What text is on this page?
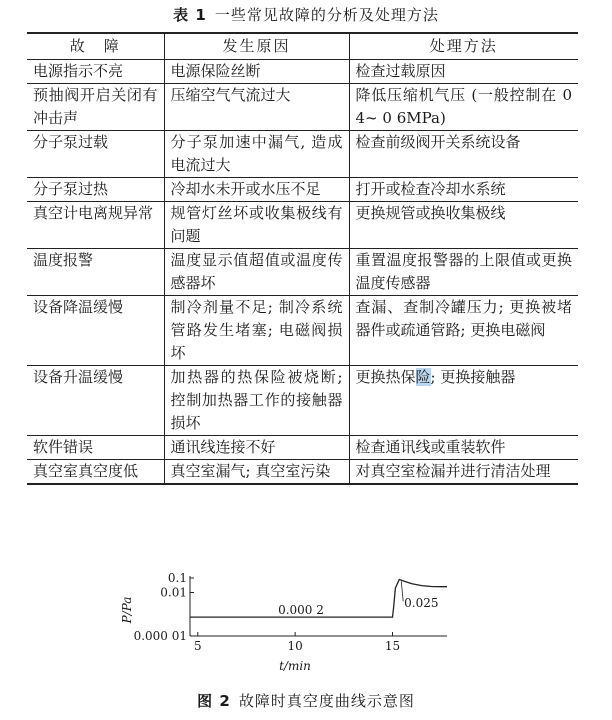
表 1 一些常见故障的分析及处理方法
故　障	发生原因	处理方法
电源指示不亮	电源保险丝断	检查过载原因
预抽阀开启关闭有冲击声	压缩空气气流过大	降低压缩机气压 (一般控制在 0 4~ 0 6MPa)
分子泵过载	分子泵加速中漏气, 造成电流过大	检查前级阀开关系统设备
分子泵过热	冷却水未开或水压不足	打开或检查冷却水系统
真空计电离规异常	规管灯丝坏或收集极线有问题	更换规管或换收集极线
温度报警	温度显示值超值或温度传感器坏	重置温度报警器的上限值或更换温度传感器
设备降温缓慢	制冷剂量不足; 制冷系统管路发生堵塞; 电磁阀损坏	查漏、查制冷罐压力; 更换被堵器件或疏通管路; 更换电磁阀
设备升温缓慢	加热器的热保险被烧断; 控制加热器工作的接触器损坏	更换热保险; 更换接触器
软件错误	通讯线连接不好	检查通讯线或重装软件
真空室真空度低	真空室漏气; 真空室污染	对真空室检漏并进行清洁处理
P/Pa
t/min
0.1
0.01
0.000 01
5	10	15
0.000 2	0.025
图 2 故障时真空度曲线示意图
